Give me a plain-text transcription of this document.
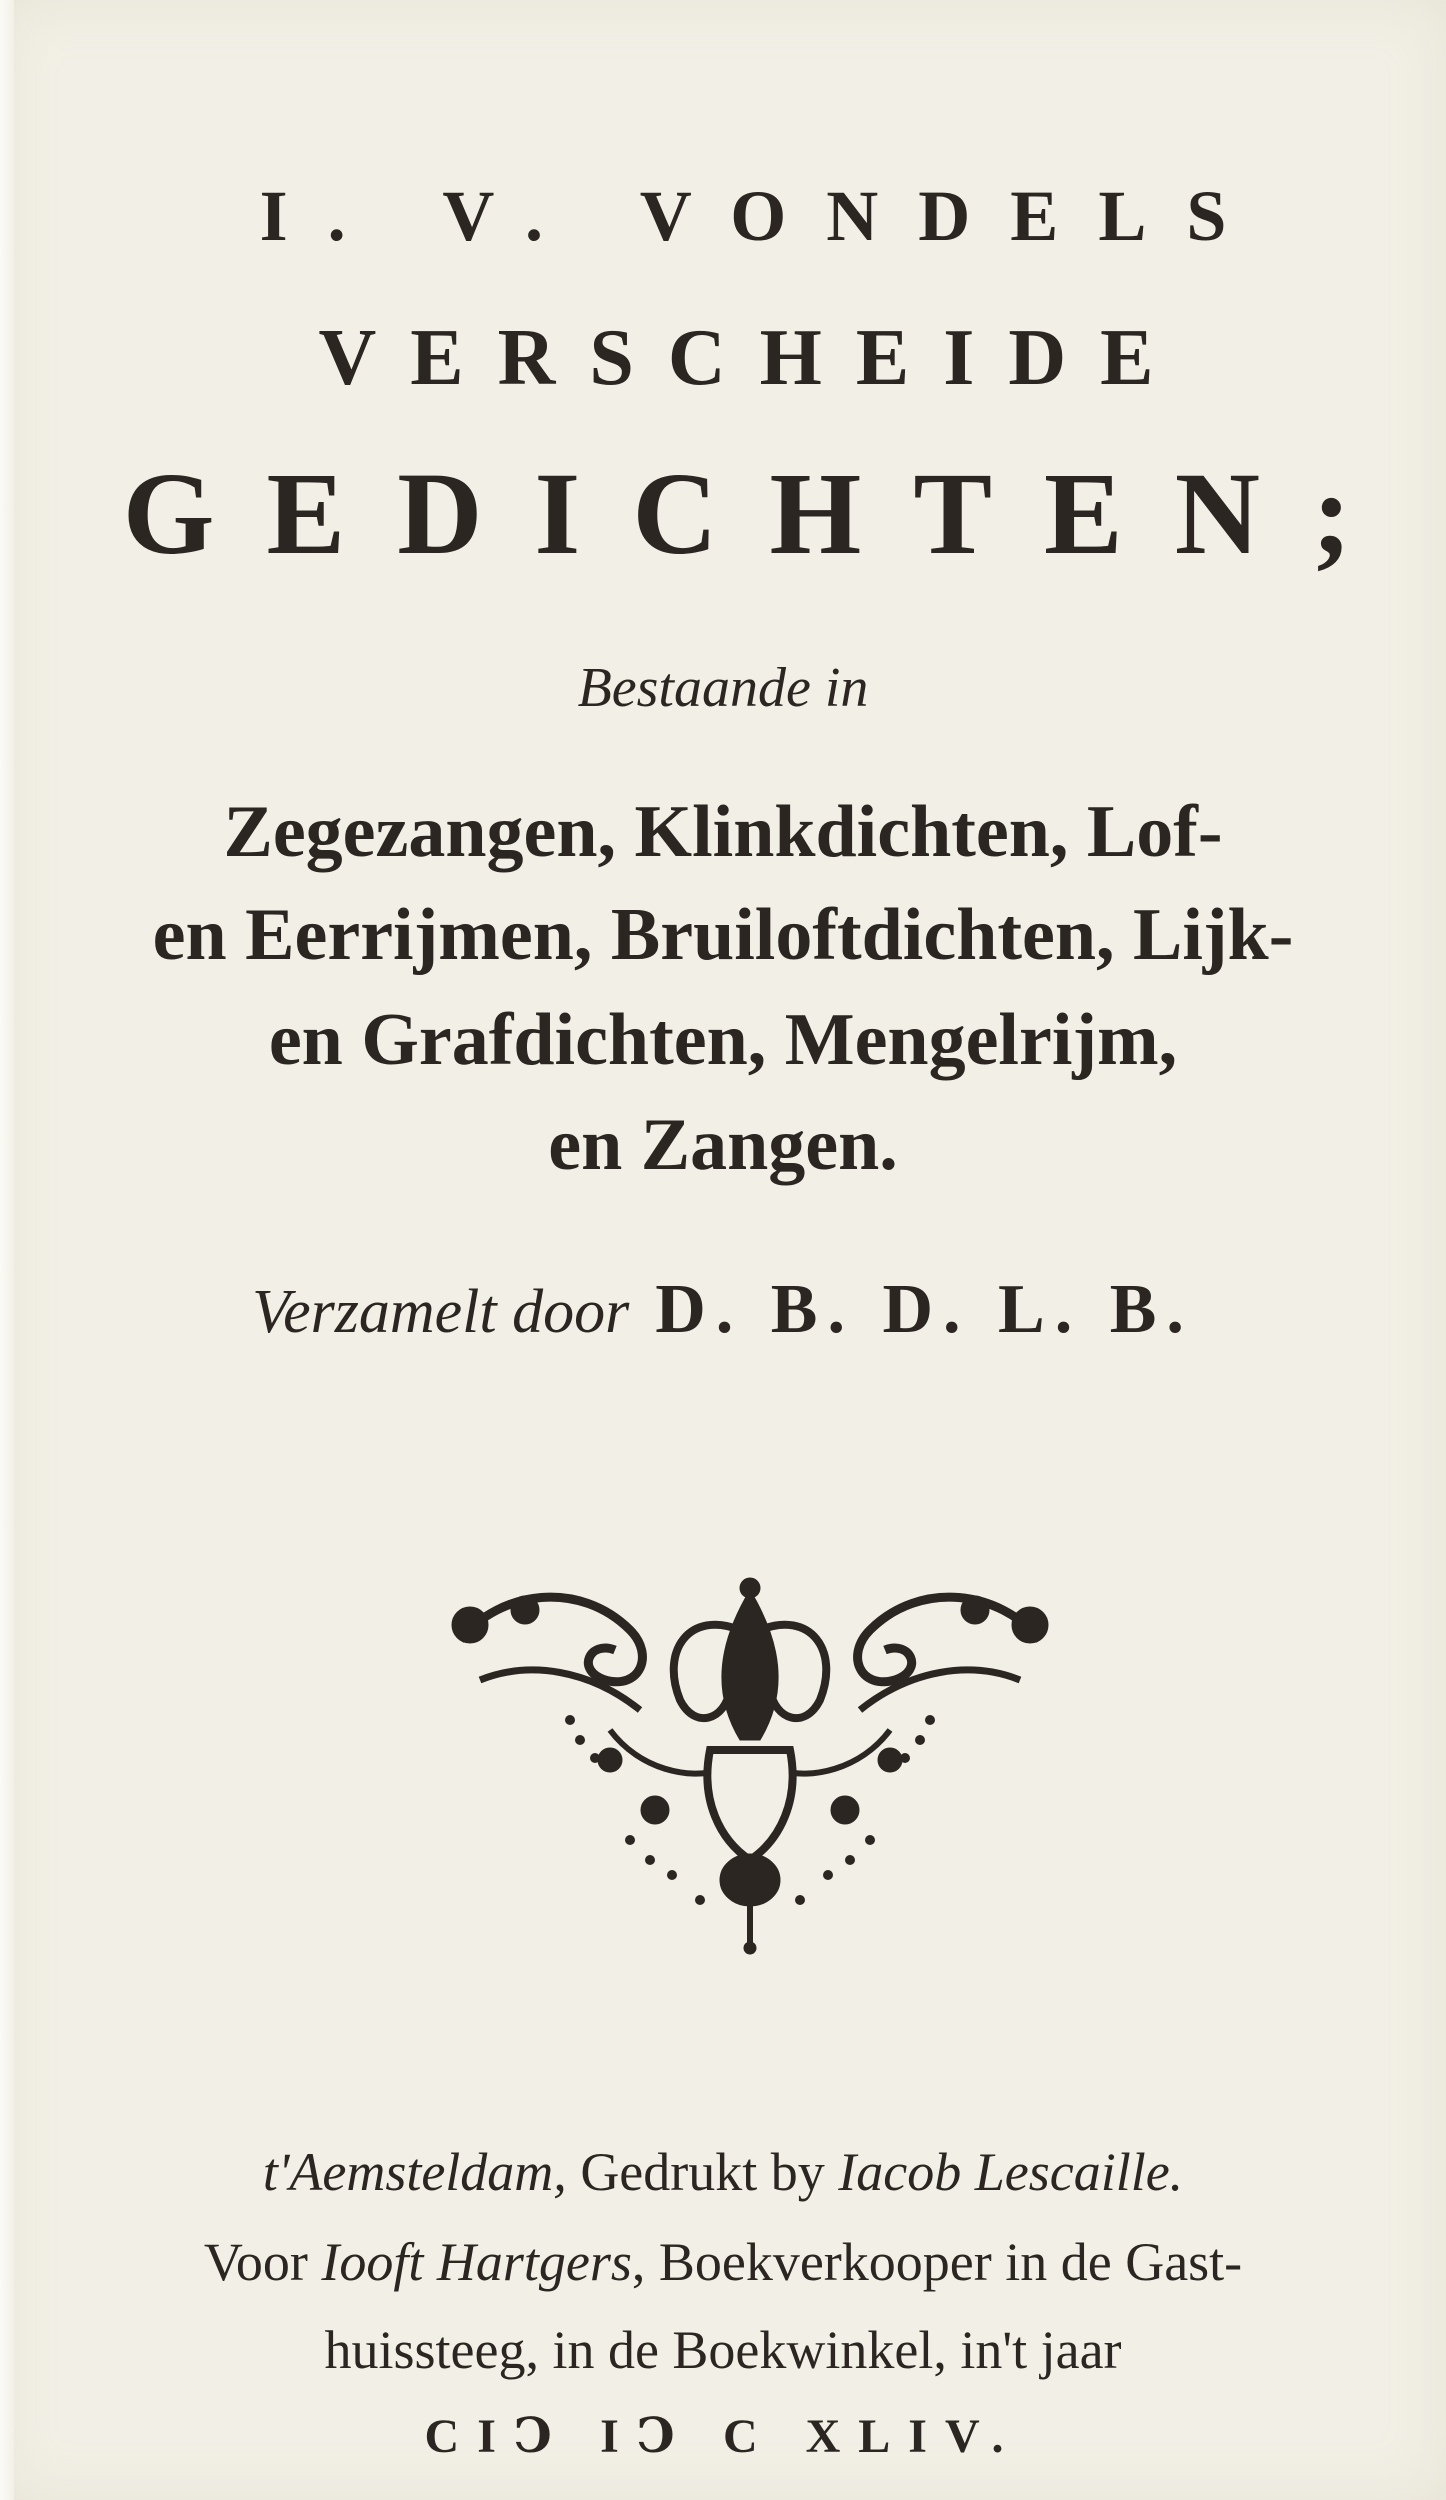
I. V. VONDELS
VERSCHEIDE
GEDICHTEN;
Bestaande in
Zegezangen, Klinkdichten, Lof-
en Eerrijmen, Bruiloftdichten, Lijk-
en Grafdichten, Mengelrijm,
en Zangen.
Verzamelt door D. B. D. L. B.
t'Aemsteldam, Gedrukt by Iacob Lescaille.
Voor Iooft Hartgers, Boekverkooper in de Gast-
huissteeg, in de Boekwinkel, in't jaar
CIↃ IↃ C XLIV.
